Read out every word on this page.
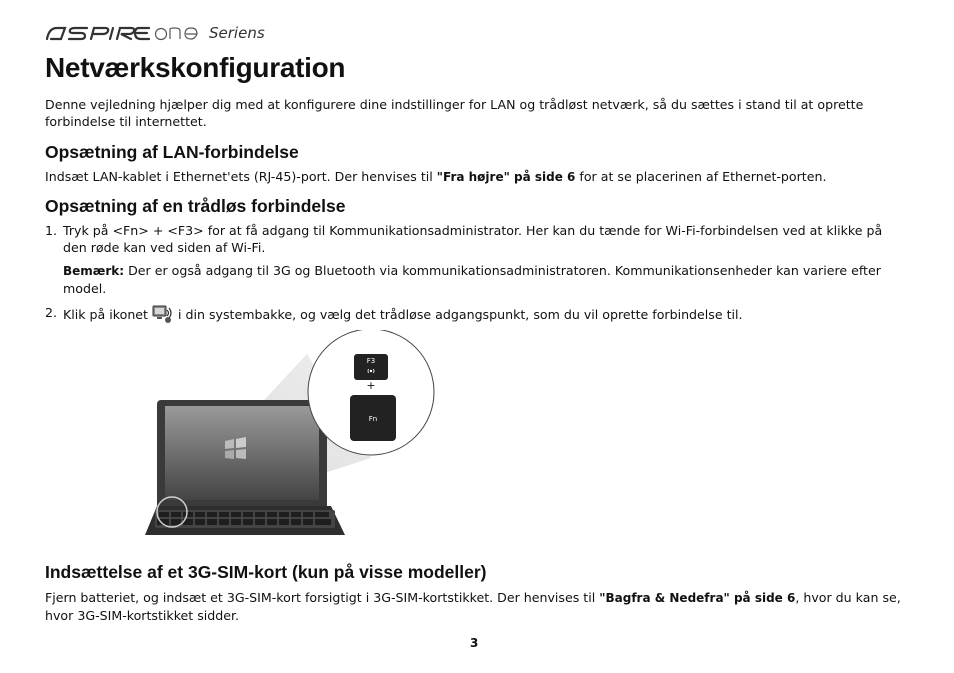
Seriens
Netværkskonfiguration

Denne vejledning hjælper dig med at konfigurere dine indstillinger for LAN og trådløst netværk, så du sættes i stand til at oprette forbindelse til internettet.

Opsætning af LAN-forbindelse

Indsæt LAN-kablet i Ethernet'ets (RJ-45)-port. Der henvises til "Fra højre" på side 6 for at se placerinen af Ethernet-porten.

Opsætning af en trådløs forbindelse
1. Tryk på <Fn> + <F3> for at få adgang til Kommunikationsadministrator. Her kan du tænde for Wi-Fi-forbindelsen ved at klikke på den røde kan ved siden af Wi-Fi.

Bemærk: Der er også adgang til 3G og Bluetooth via kommunikationsadministratoren. Kommunikationsenheder kan variere efter model.

2. Klik på ikonet  i din systembakke, og vælg det trådløse adgangspunkt, som du vil oprette forbindelse til.

F3
+
Fn
Indsættelse af et 3G-SIM-kort (kun på visse modeller)

Fjern batteriet, og indsæt et 3G-SIM-kort forsigtigt i 3G-SIM-kortstikket. Der henvises til "Bagfra & Nedefra" på side 6, hvor du kan se, hvor 3G-SIM-kortstikket sidder.

3
